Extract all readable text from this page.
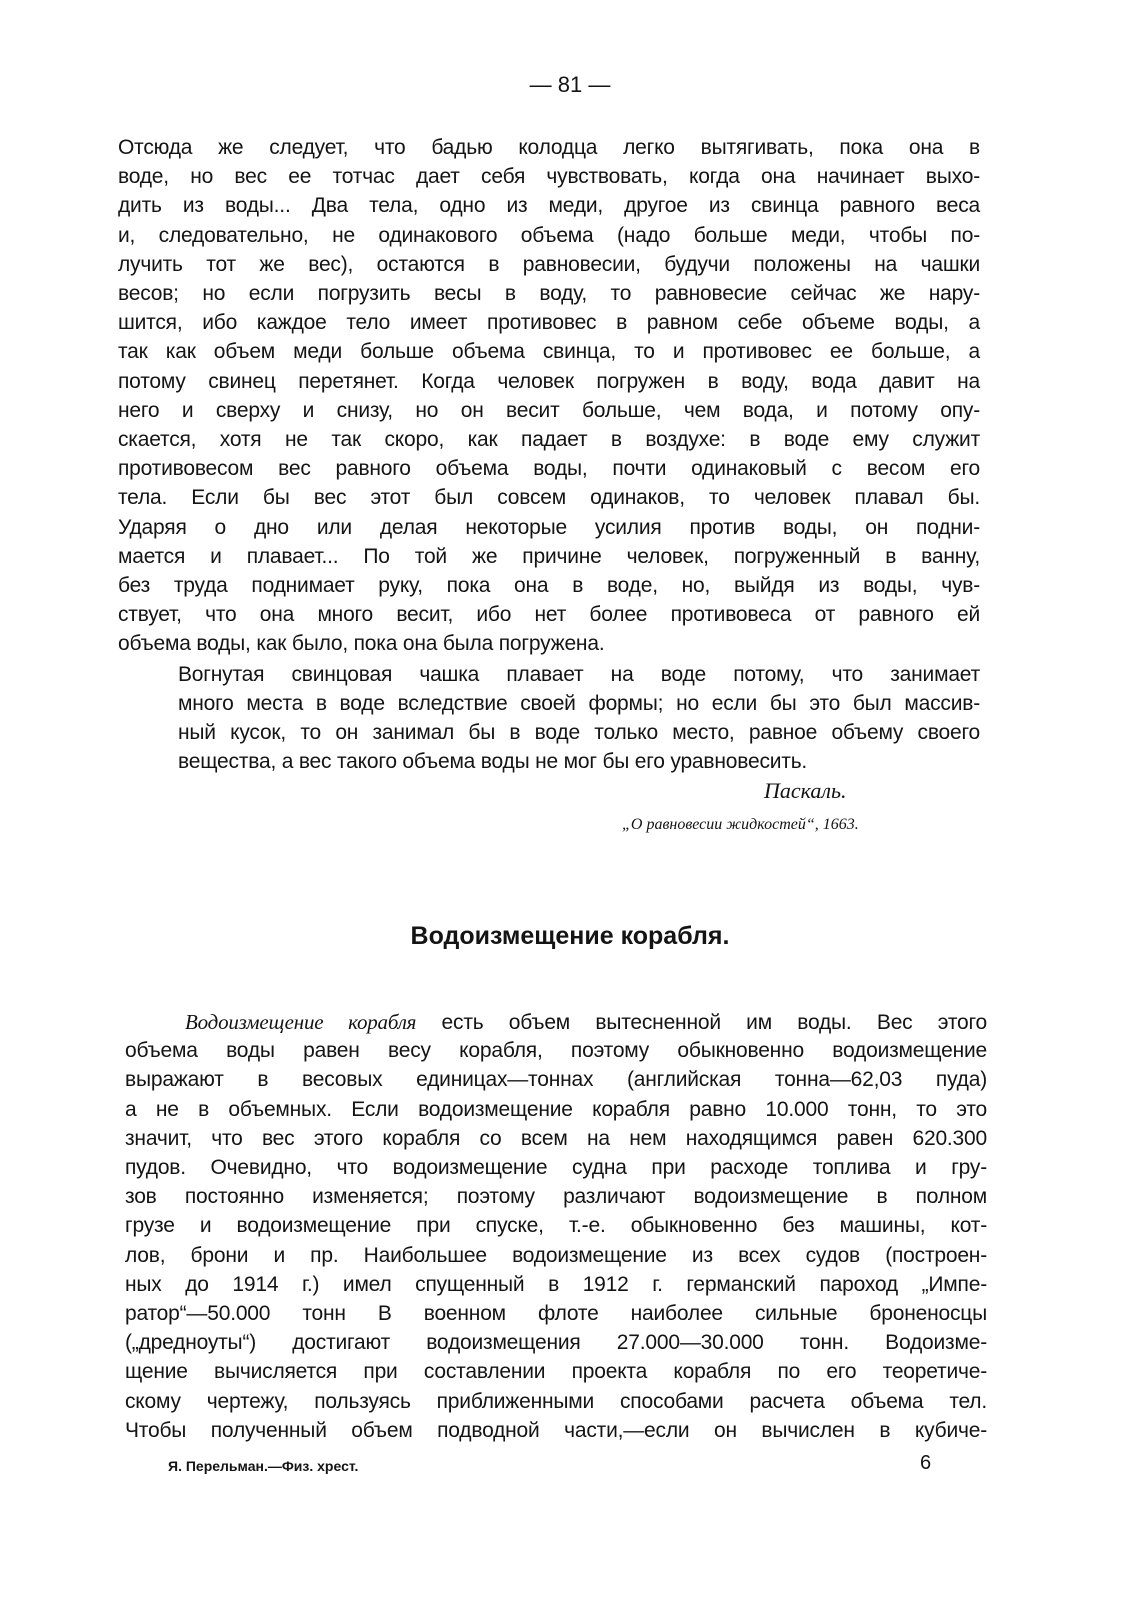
— 81 —
Отсюда же следует, что бадью колодца легко вытягивать, пока она в
воде, но вес ее тотчас дает себя чувствовать, когда она начинает выхо-
дить из воды... Два тела, одно из меди, другое из свинца равного веса
и, следовательно, не одинакового объема (надо больше меди, чтобы по-
лучить тот же вес), остаются в равновесии, будучи положены на чашки
весов; но если погрузить весы в воду, то равновесие сейчас же нару-
шится, ибо каждое тело имеет противовес в равном себе объеме воды, а
так как объем меди больше объема свинца, то и противовес ее больше, а
потому свинец перетянет. Когда человек погружен в воду, вода давит на
него и сверху и снизу, но он весит больше, чем вода, и потому опу-
скается, хотя не так скоро, как падает в воздухе: в воде ему служит
противовесом вес равного объема воды, почти одинаковый с весом его
тела. Если бы вес этот был совсем одинаков, то человек плавал бы.
Ударяя о дно или делая некоторые усилия против воды, он подни-
мается и плавает... По той же причине человек, погруженный в ванну,
без труда поднимает руку, пока она в воде, но, выйдя из воды, чув-
ствует, что она много весит, ибо нет более противовеса от равного ей
объема воды, как было, пока она была погружена.
Вогнутая свинцовая чашка плавает на воде потому, что занимает
много места в воде вследствие своей формы; но если бы это был массив-
ный кусок, то он занимал бы в воде только место, равное объему своего
вещества, а вес такого объема воды не мог бы его уравновесить.
Паскаль.
„О равновесии жидкостей“, 1663.
Водоизмещение корабля.
Водоизмещение корабля есть объем вытесненной им воды. Вес этого
объема воды равен весу корабля, поэтому обыкновенно водоизмещение
выражают в весовых единицах—тоннах (английская тонна—62,03 пуда)
а не в объемных. Если водоизмещение корабля равно 10.000 тонн, то это
значит, что вес этого корабля со всем на нем находящимся равен 620.300
пудов. Очевидно, что водоизмещение судна при расходе топлива и гру-
зов постоянно изменяется; поэтому различают водоизмещение в полном
грузе и водоизмещение при спуске, т.-е. обыкновенно без машины, кот-
лов, брони и пр. Наибольшее водоизмещение из всех судов (построен-
ных до 1914 г.) имел спущенный в 1912 г. германский пароход „Импе-
ратор“—50.000 тонн В военном флоте наиболее сильные броненосцы
(„дредноуты“) достигают водоизмещения 27.000—30.000 тонн. Водоизме-
щение вычисляется при составлении проекта корабля по его теоретиче-
скому чертежу, пользуясь приближенными способами расчета объема тел.
Чтобы полученный объем подводной части,—если он вычислен в кубиче-
Я. Перельман.—Физ. хрест.	6
